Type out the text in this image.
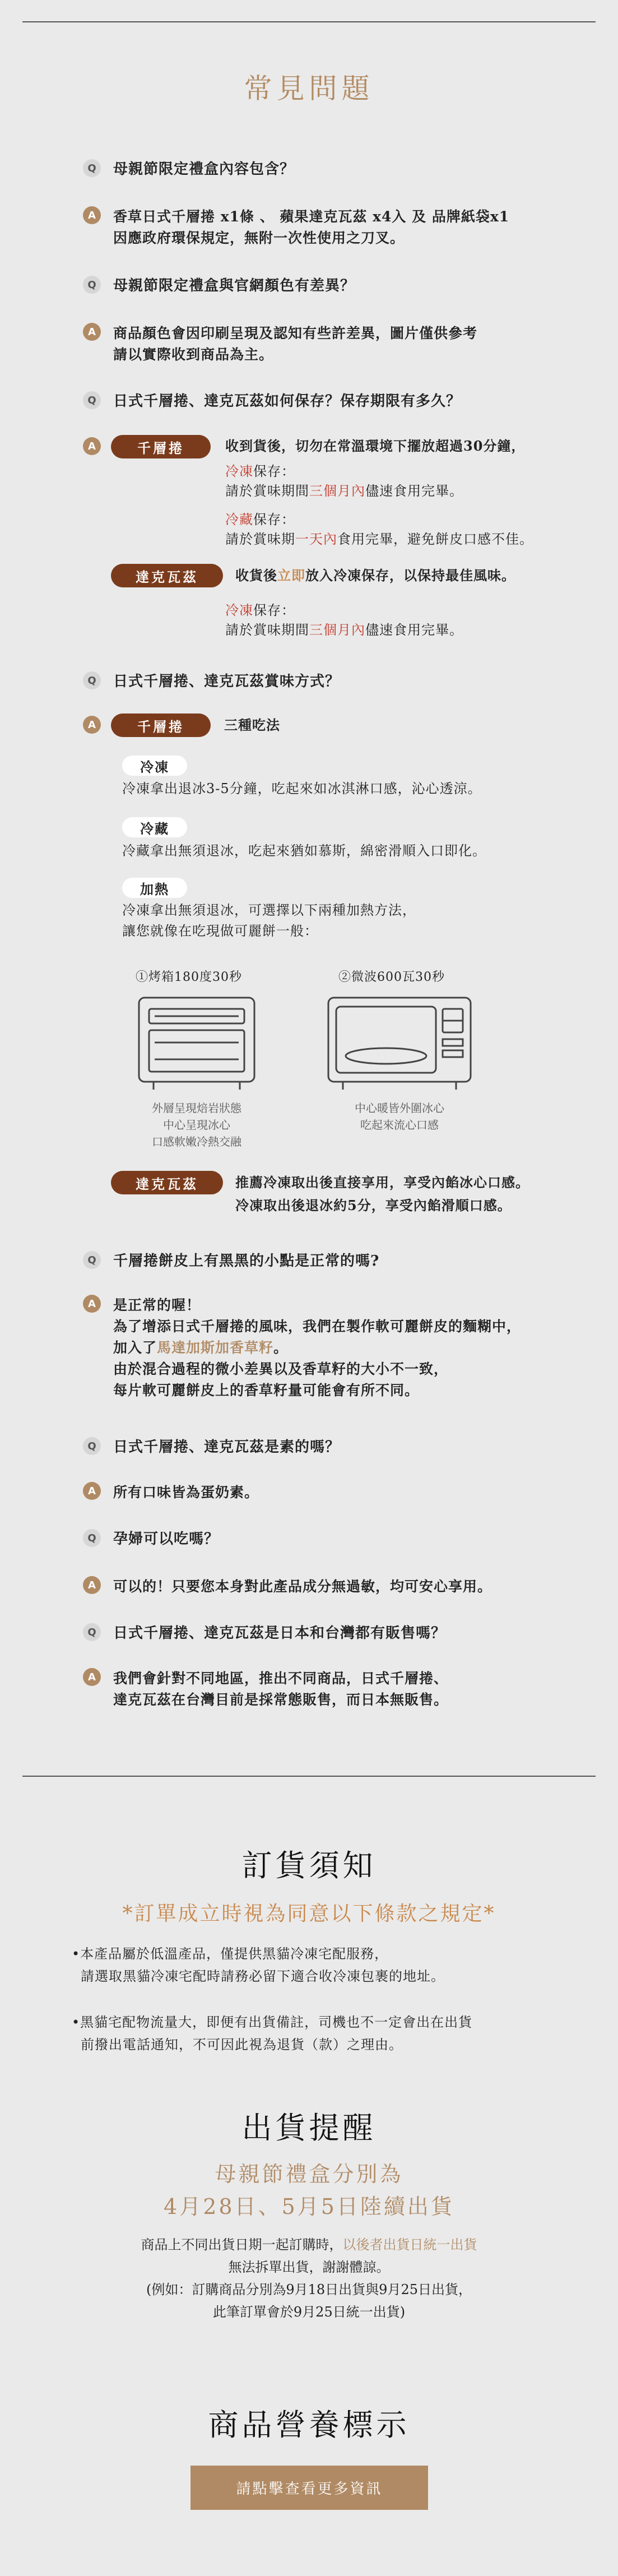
常見問題
Q	母親節限定禮盒內容包含？
A	香草日式千層捲 x1條 、 蘋果達克瓦茲 x4入 及 品牌紙袋x1
因應政府環保規定，無附一次性使用之刀叉。
Q	母親節限定禮盒與官網顏色有差異？
A	商品顏色會因印刷呈現及認知有些許差異，圖片僅供參考
請以實際收到商品為主。
Q	日式千層捲、達克瓦茲如何保存？保存期限有多久？
A	千層捲	收到貨後，切勿在常溫環境下擺放超過30分鐘，
冷凍保存：
請於賞味期間三個月內儘速食用完畢。
冷藏保存：
請於賞味期一天內食用完畢，避免餅皮口感不佳。
達克瓦茲	收貨後立即放入冷凍保存，以保持最佳風味。
冷凍保存：
請於賞味期間三個月內儘速食用完畢。
Q	日式千層捲、達克瓦茲賞味方式？
A	千層捲	三種吃法
冷凍
冷凍拿出退冰3-5分鐘，吃起來如冰淇淋口感，沁心透涼。
冷藏
冷藏拿出無須退冰，吃起來猶如慕斯，綿密滑順入口即化。
加熱
冷凍拿出無須退冰，可選擇以下兩種加熱方法，
讓您就像在吃現做可麗餅一般：
①烤箱180度30秒	②微波600瓦30秒
外層呈現焙岩狀態
中心呈現冰心
口感軟嫩冷熱交融
中心暖皆外圍冰心
吃起來流心口感
達克瓦茲	推薦冷凍取出後直接享用，享受內餡冰心口感。
冷凍取出後退冰約5分，享受內餡滑順口感。
Q	千層捲餅皮上有黑黑的小點是正常的嗎?
A	是正常的喔！
為了增添日式千層捲的風味，我們在製作軟可麗餅皮的麵糊中，
加入了馬達加斯加香草籽。
由於混合過程的微小差異以及香草籽的大小不一致，
每片軟可麗餅皮上的香草籽量可能會有所不同。
Q	日式千層捲、達克瓦茲是素的嗎？
A	所有口味皆為蛋奶素。
Q	孕婦可以吃嗎？
A	可以的！只要您本身對此產品成分無過敏，均可安心享用。
Q	日式千層捲、達克瓦茲是日本和台灣都有販售嗎？
A	我們會針對不同地區，推出不同商品，日式千層捲、
達克瓦茲在台灣目前是採常態販售，而日本無販售。
訂貨須知
*訂單成立時視為同意以下條款之規定*
•本產品屬於低溫產品，僅提供黑貓冷凍宅配服務，
請選取黑貓冷凍宅配時請務必留下適合收冷凍包裹的地址。
•黑貓宅配物流量大，即便有出貨備註，司機也不一定會出在出貨
前撥出電話通知，不可因此視為退貨（款）之理由。
出貨提醒
母親節禮盒分別為
4月28日、5月5日陸續出貨
商品上不同出貨日期一起訂購時，以後者出貨日統一出貨
無法拆單出貨，謝謝體諒。
(例如：訂購商品分別為9月18日出貨與9月25日出貨，
此筆訂單會於9月25日統一出貨)
商品營養標示
請點擊查看更多資訊
